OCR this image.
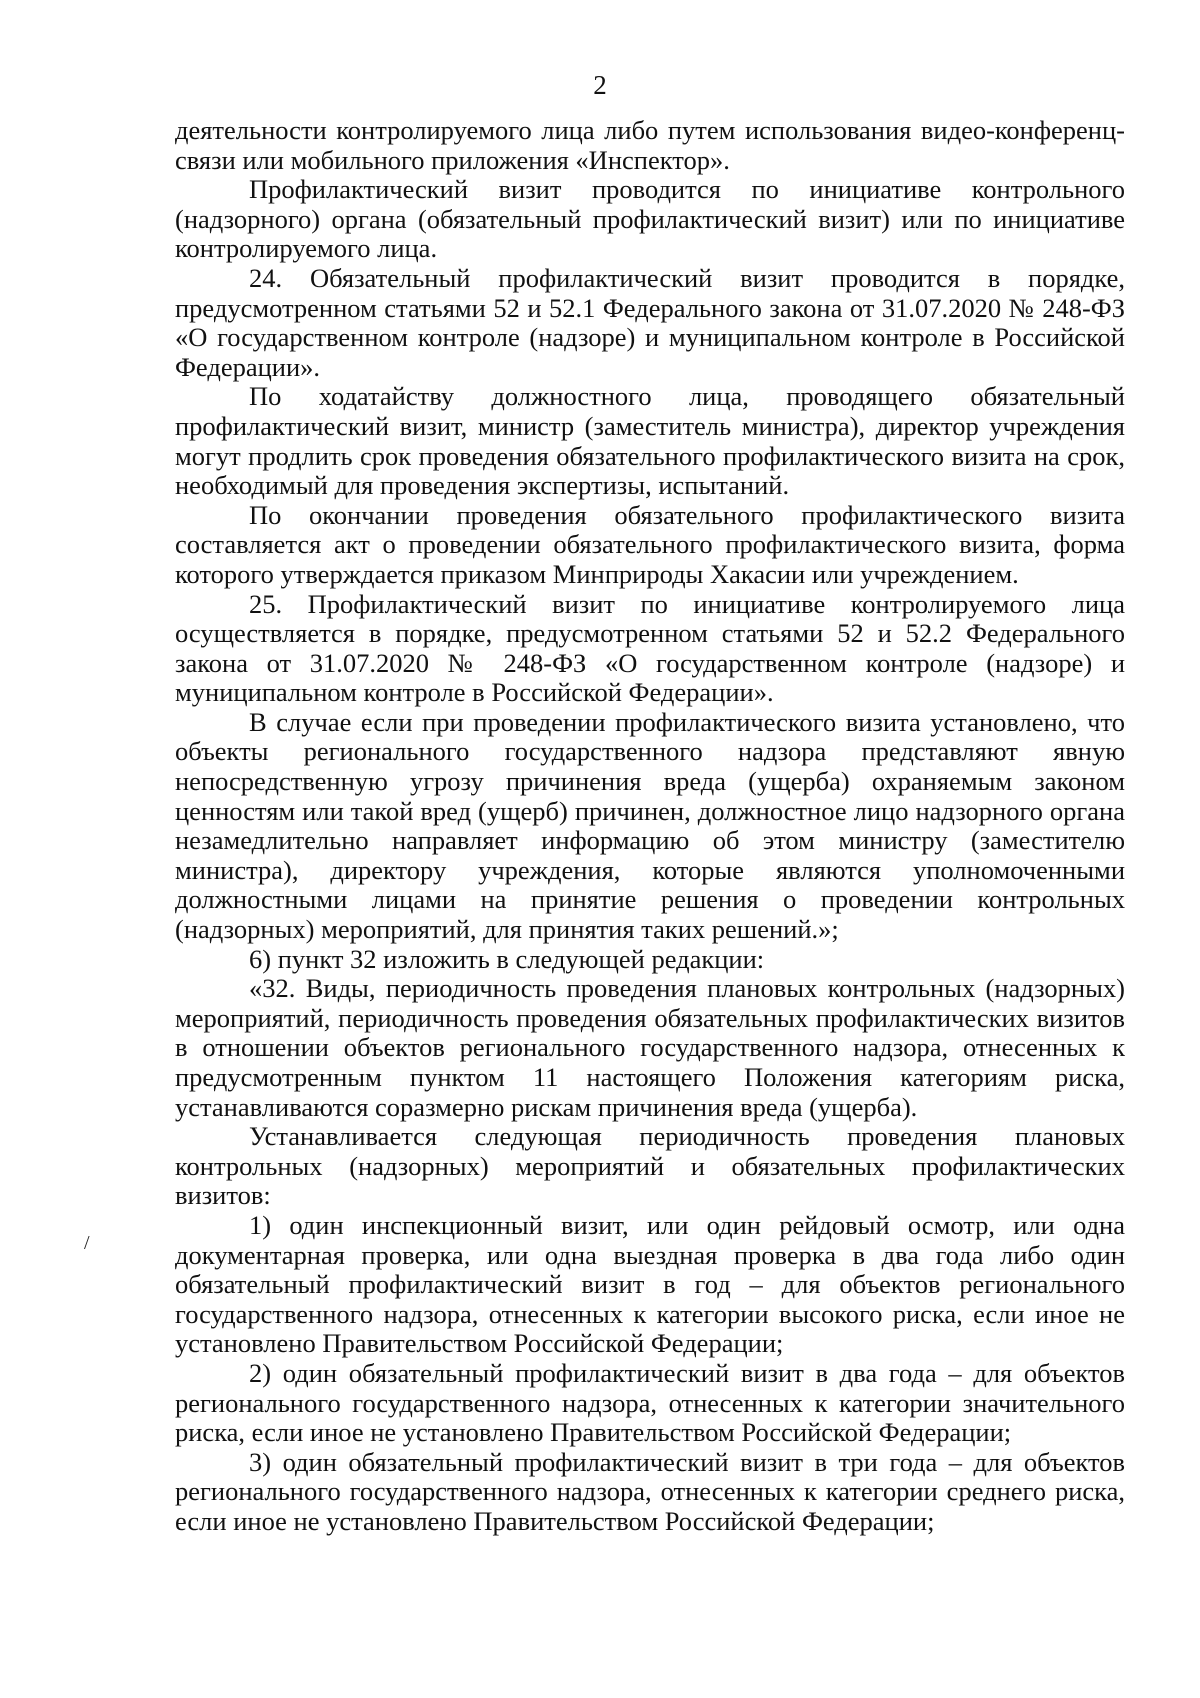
2

деятельности контролируемого лица либо путем использования видео-конференц-связи или мобильного приложения «Инспектор».

Профилактический визит проводится по инициативе контрольного (надзорного) органа (обязательный профилактический визит) или по инициативе контролируемого лица.

24. Обязательный профилактический визит проводится в порядке, предусмотренном статьями 52 и 52.1 Федерального закона от 31.07.2020 № 248-ФЗ «О государственном контроле (надзоре) и муниципальном контроле в Российской Федерации».

По ходатайству должностного лица, проводящего обязательный профилактический визит, министр (заместитель министра), директор учреждения могут продлить срок проведения обязательного профилактического визита на срок, необходимый для проведения экспертизы, испытаний.

По окончании проведения обязательного профилактического визита составляется акт о проведении обязательного профилактического визита, форма которого утверждается приказом Минприроды Хакасии или учреждением.

25. Профилактический визит по инициативе контролируемого лица осуществляется в порядке, предусмотренном статьями 52 и 52.2 Федерального закона от 31.07.2020 № 248-ФЗ «О государственном контроле (надзоре) и муниципальном контроле в Российской Федерации».

В случае если при проведении профилактического визита установлено, что объекты регионального государственного надзора представляют явную непосредственную угрозу причинения вреда (ущерба) охраняемым законом ценностям или такой вред (ущерб) причинен, должностное лицо надзорного органа незамедлительно направляет информацию об этом министру (заместителю министра), директору учреждения, которые являются уполномоченными должностными лицами на принятие решения о проведении контрольных (надзорных) мероприятий, для принятия таких решений.»;

6) пункт 32 изложить в следующей редакции:

«32. Виды, периодичность проведения плановых контрольных (надзорных) мероприятий, периодичность проведения обязательных профилактических визитов в отношении объектов регионального государственного надзора, отнесенных к предусмотренным пунктом 11 настоящего Положения категориям риска, устанавливаются соразмерно рискам причинения вреда (ущерба).

Устанавливается следующая периодичность проведения плановых контрольных (надзорных) мероприятий и обязательных профилактических визитов:

1) один инспекционный визит, или один рейдовый осмотр, или одна документарная проверка, или одна выездная проверка в два года либо один обязательный профилактический визит в год – для объектов регионального государственного надзора, отнесенных к категории высокого риска, если иное не установлено Правительством Российской Федерации;

2) один обязательный профилактический визит в два года – для объектов регионального государственного надзора, отнесенных к категории значительного риска, если иное не установлено Правительством Российской Федерации;

3) один обязательный профилактический визит в три года – для объектов регионального государственного надзора, отнесенных к категории среднего риска, если иное не установлено Правительством Российской Федерации;

/
